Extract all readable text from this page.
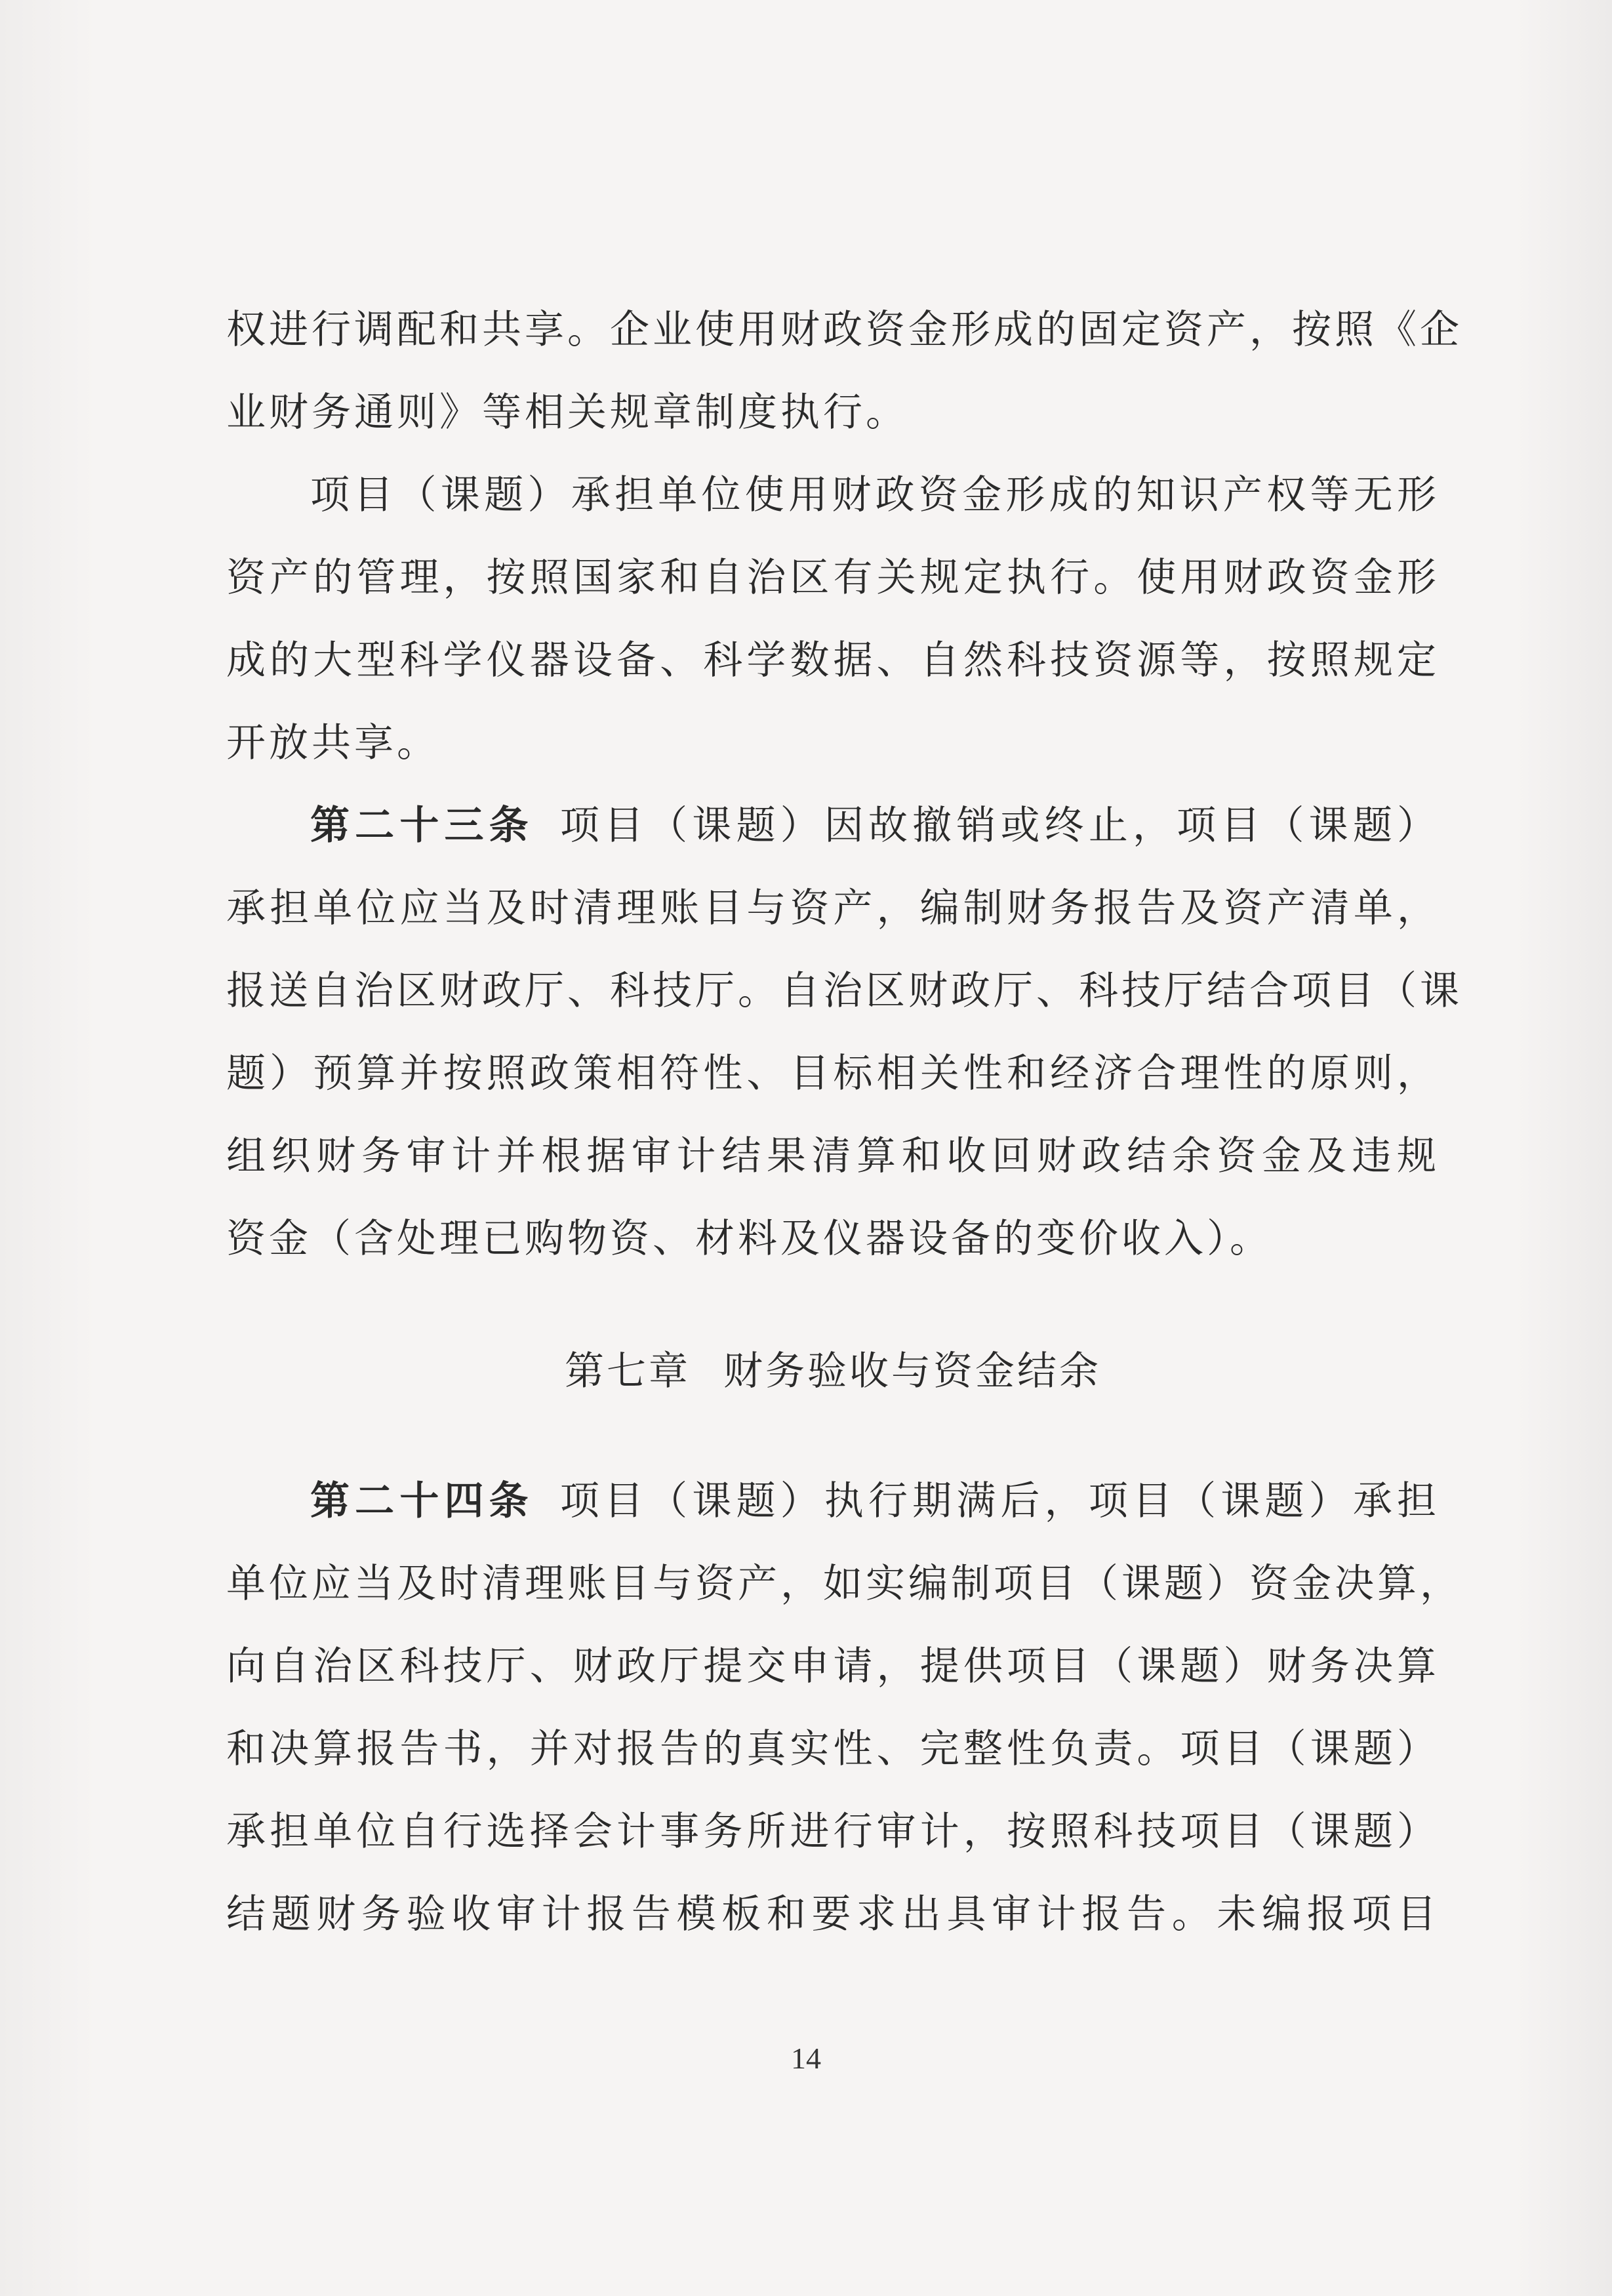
权进行调配和共享。企业使用财政资金形成的固定资产，按照《企
业财务通则》等相关规章制度执行。
项目（课题）承担单位使用财政资金形成的知识产权等无形
资产的管理，按照国家和自治区有关规定执行。使用财政资金形
成的大型科学仪器设备、科学数据、自然科技资源等，按照规定
开放共享。
第二十三条 项目（课题）因故撤销或终止，项目（课题）
承担单位应当及时清理账目与资产，编制财务报告及资产清单，
报送自治区财政厅、科技厅。自治区财政厅、科技厅结合项目（课
题）预算并按照政策相符性、目标相关性和经济合理性的原则，
组织财务审计并根据审计结果清算和收回财政结余资金及违规
资金（含处理已购物资、材料及仪器设备的变价收入）。
第七章 财务验收与资金结余
第二十四条 项目（课题）执行期满后，项目（课题）承担
单位应当及时清理账目与资产，如实编制项目（课题）资金决算，
向自治区科技厅、财政厅提交申请，提供项目（课题）财务决算
和决算报告书，并对报告的真实性、完整性负责。项目（课题）
承担单位自行选择会计事务所进行审计，按照科技项目（课题）
结题财务验收审计报告模板和要求出具审计报告。未编报项目
14
